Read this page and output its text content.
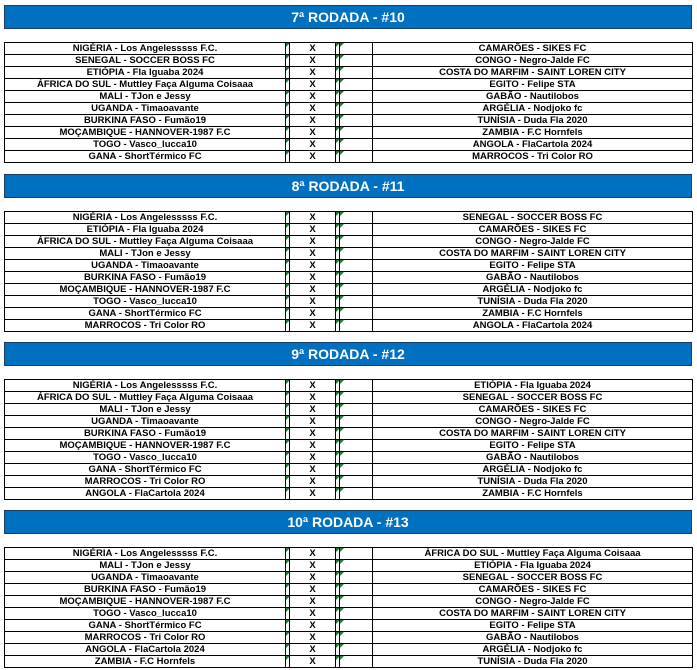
7ª RODADA - #10
NIGÉRIA - Los Angelesssss F.C.		X			CAMARÕES - SIKES FC
SENEGAL - SOCCER BOSS FC		X			CONGO - Negro-Jalde FC
ETIÓPIA - Fla Iguaba 2024		X			COSTA DO MARFIM - SAINT LOREN CITY
ÁFRICA DO SUL - Muttley Faça Alguma Coisaaa		X			EGITO - Felipe STA
MALI - TJon e Jessy		X			GABÃO - Nautilobos
UGANDA - Timaoavante		X			ARGÉLIA - Nodjoko fc
BURKINA FASO - Fumão19		X			TUNÍSIA - Duda Fla 2020
MOÇAMBIQUE - HANNOVER-1987 F.C		X			ZAMBIA - F.C Hornfels
TOGO - Vasco_lucca10		X			ANGOLA - FlaCartola 2024
GANA - ShortTérmico FC		X			MARROCOS - Tri Color RO
8ª RODADA - #11
NIGÉRIA - Los Angelesssss F.C.		X			SENEGAL - SOCCER BOSS FC
ETIÓPIA - Fla Iguaba 2024		X			CAMARÕES - SIKES FC
ÁFRICA DO SUL - Muttley Faça Alguma Coisaaa		X			CONGO - Negro-Jalde FC
MALI - TJon e Jessy		X			COSTA DO MARFIM - SAINT LOREN CITY
UGANDA - Timaoavante		X			EGITO - Felipe STA
BURKINA FASO - Fumão19		X			GABÃO - Nautilobos
MOÇAMBIQUE - HANNOVER-1987 F.C		X			ARGÉLIA - Nodjoko fc
TOGO - Vasco_lucca10		X			TUNÍSIA - Duda Fla 2020
GANA - ShortTérmico FC		X			ZAMBIA - F.C Hornfels
MARROCOS - Tri Color RO		X			ANGOLA - FlaCartola 2024
9ª RODADA - #12
NIGÉRIA - Los Angelesssss F.C.		X			ETIÓPIA - Fla Iguaba 2024
ÁFRICA DO SUL - Muttley Faça Alguma Coisaaa		X			SENEGAL - SOCCER BOSS FC
MALI - TJon e Jessy		X			CAMARÕES - SIKES FC
UGANDA - Timaoavante		X			CONGO - Negro-Jalde FC
BURKINA FASO - Fumão19		X			COSTA DO MARFIM - SAINT LOREN CITY
MOÇAMBIQUE - HANNOVER-1987 F.C		X			EGITO - Felipe STA
TOGO - Vasco_lucca10		X			GABÃO - Nautilobos
GANA - ShortTérmico FC		X			ARGÉLIA - Nodjoko fc
MARROCOS - Tri Color RO		X			TUNÍSIA - Duda Fla 2020
ANGOLA - FlaCartola 2024		X			ZAMBIA - F.C Hornfels
10ª RODADA - #13
NIGÉRIA - Los Angelesssss F.C.		X			ÁFRICA DO SUL - Muttley Faça Alguma Coisaaa
MALI - TJon e Jessy		X			ETIÓPIA - Fla Iguaba 2024
UGANDA - Timaoavante		X			SENEGAL - SOCCER BOSS FC
BURKINA FASO - Fumão19		X			CAMARÕES - SIKES FC
MOÇAMBIQUE - HANNOVER-1987 F.C		X			CONGO - Negro-Jalde FC
TOGO - Vasco_lucca10		X			COSTA DO MARFIM - SAINT LOREN CITY
GANA - ShortTérmico FC		X			EGITO - Felipe STA
MARROCOS - Tri Color RO		X			GABÃO - Nautilobos
ANGOLA - FlaCartola 2024		X			ARGÉLIA - Nodjoko fc
ZAMBIA - F.C Hornfels		X			TUNÍSIA - Duda Fla 2020
